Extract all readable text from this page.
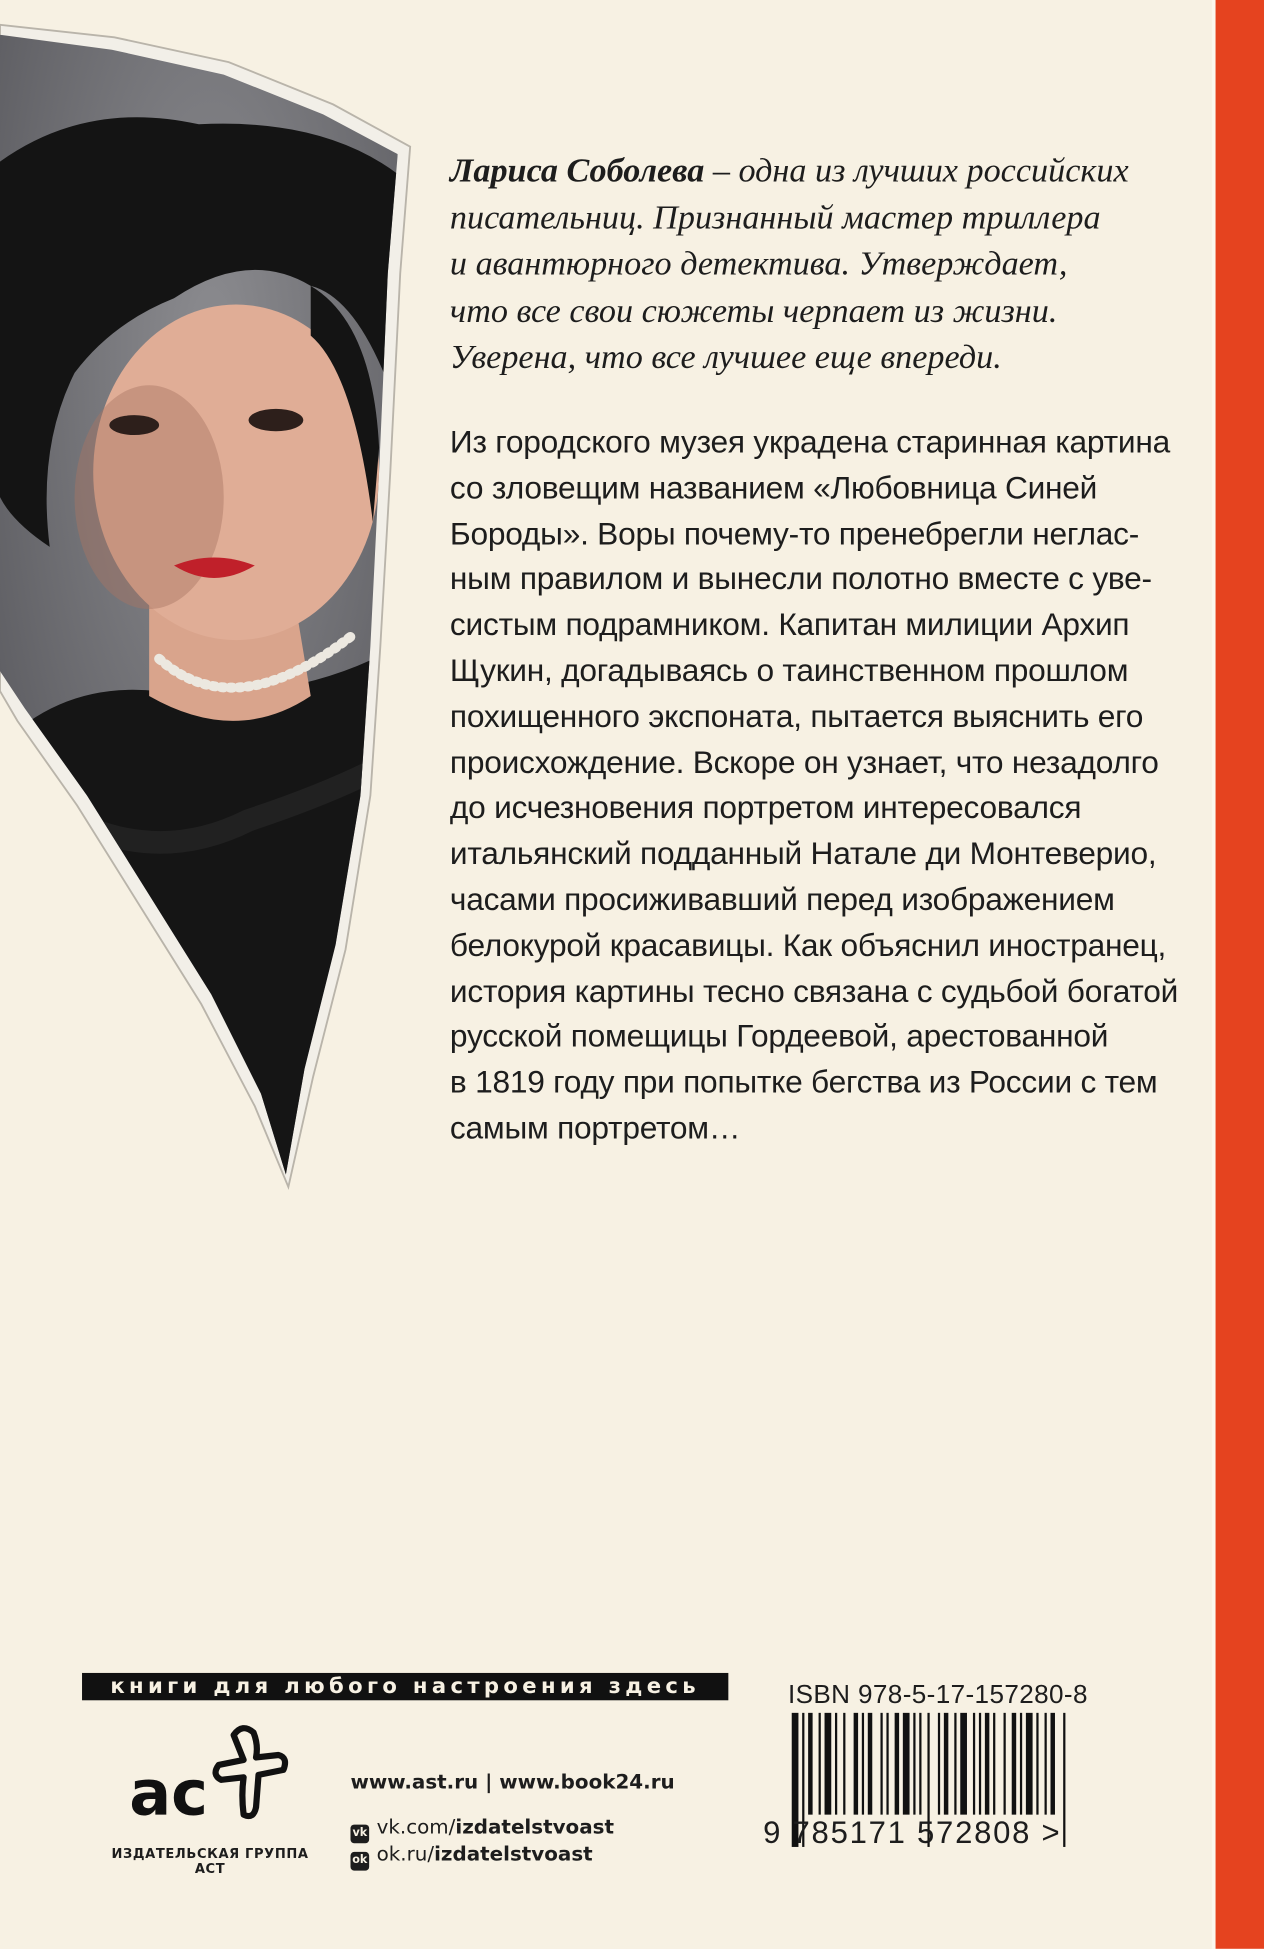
Лариса Соболева – одна из лучших российских

писательниц. Признанный мастер триллера

и авантюрного детектива. Утверждает,

что все свои сюжеты черпает из жизни.

Уверена, что все лучшее еще впереди.

Из городского музея украдена старинная картина

со зловещим названием «Любовница Синей

Бороды». Воры почему-то пренебрегли неглас-

ным правилом и вынесли полотно вместе с уве-

систым подрамником. Капитан милиции Архип

Щукин, догадываясь о таинственном прошлом

похищенного экспоната, пытается выяснить его

происхождение. Вскоре он узнает, что незадолго

до исчезновения портретом интересовался

итальянский подданный Натале ди Монтеверио,

часами просиживавший перед изображением

белокурой красавицы. Как объяснил иностранец,

история картины тесно связана с судьбой богатой

русской помещицы Гордеевой, арестованной

в 1819 году при попытке бегства из России с тем

самым портретом…

книги для любого настроения здесь
ac
ИЗДАТЕЛЬСКАЯ ГРУППА АСТ
www.ast.ru | www.book24.ru
vk vk.com/izdatelstvoast
ok ok.ru/izdatelstvoast
ISBN 978-5-17-157280-8
9 785171 572808 >
